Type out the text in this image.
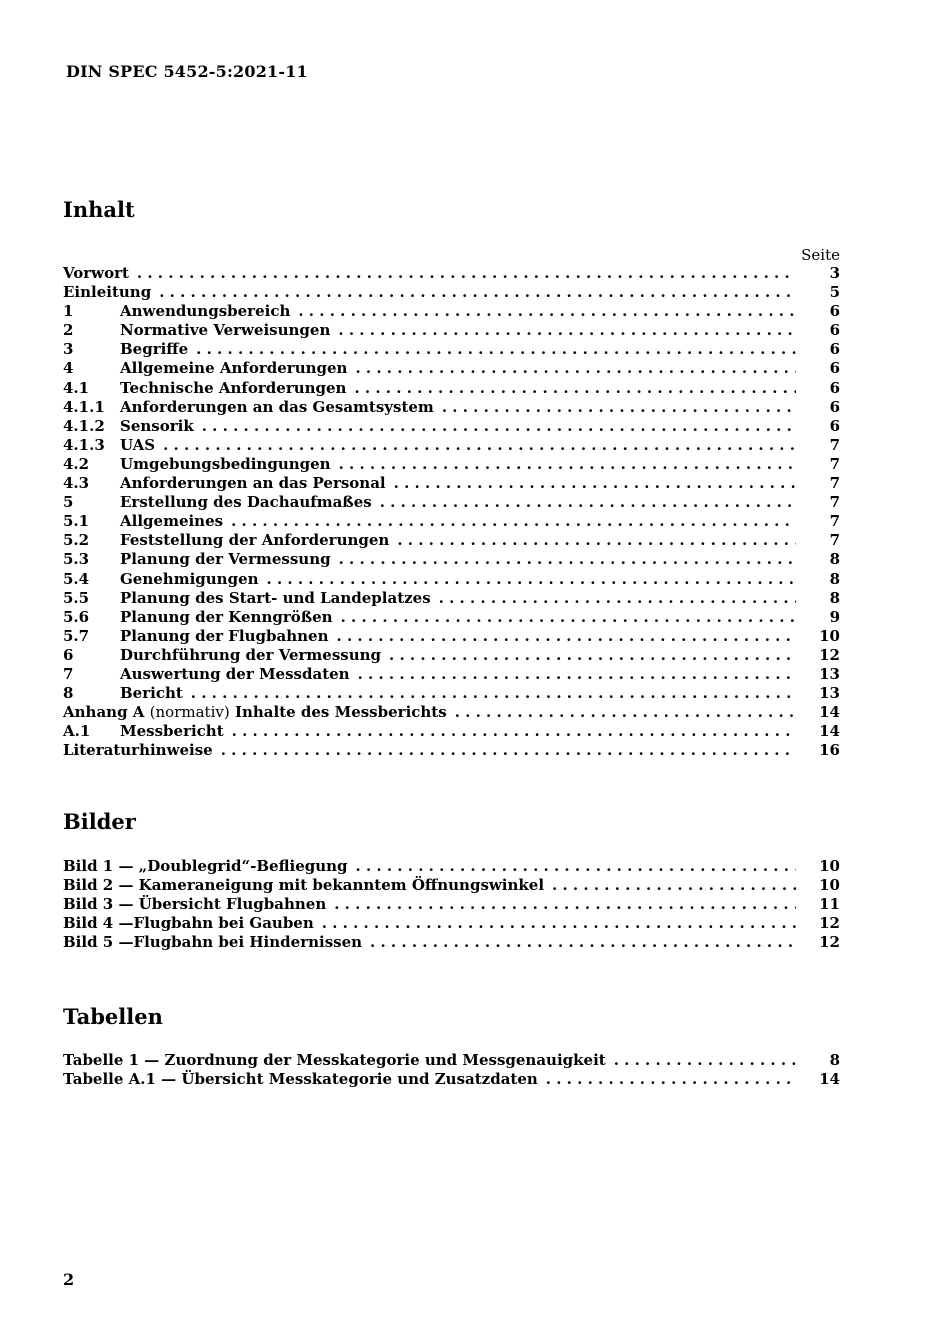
DIN SPEC 5452-5:2021-11
Inhalt
Seite
Vorwort . . .	3
Einleitung . . .	5
1	Anwendungsbereich . . .	6
2	Normative Verweisungen . . .	6
3	Begriffe . . .	6
4	Allgemeine Anforderungen . . .	6
4.1	Technische Anforderungen . . .	6
4.1.1	Anforderungen an das Gesamtsystem . . .	6
4.1.2	Sensorik . . .	6
4.1.3	UAS . . .	7
4.2	Umgebungsbedingungen . . .	7
4.3	Anforderungen an das Personal . . .	7
5	Erstellung des Dachaufmaßes . . .	7
5.1	Allgemeines . . .	7
5.2	Feststellung der Anforderungen . . .	7
5.3	Planung der Vermessung . . .	8
5.4	Genehmigungen . . .	8
5.5	Planung des Start- und Landeplatzes . . .	8
5.6	Planung der Kenngrößen . . .	9
5.7	Planung der Flugbahnen . . .	10
6	Durchführung der Vermessung . . .	12
7	Auswertung der Messdaten . . .	13
8	Bericht . . .	13
Anhang A (normativ) Inhalte des Messberichts . . .	14
A.1	Messbericht . . .	14
Literaturhinweise . . .	16
Bilder
Bild 1 — „Doublegrid“-Befliegung . . .	10
Bild 2 — Kameraneigung mit bekanntem Öffnungswinkel . . .	10
Bild 3 — Übersicht Flugbahnen . . .	11
Bild 4 —Flugbahn bei Gauben . . .	12
Bild 5 —Flugbahn bei Hindernissen . . .	12
Tabellen
Tabelle 1 — Zuordnung der Messkategorie und Messgenauigkeit . . .	8
Tabelle A.1 — Übersicht Messkategorie und Zusatzdaten . . .	14
2
